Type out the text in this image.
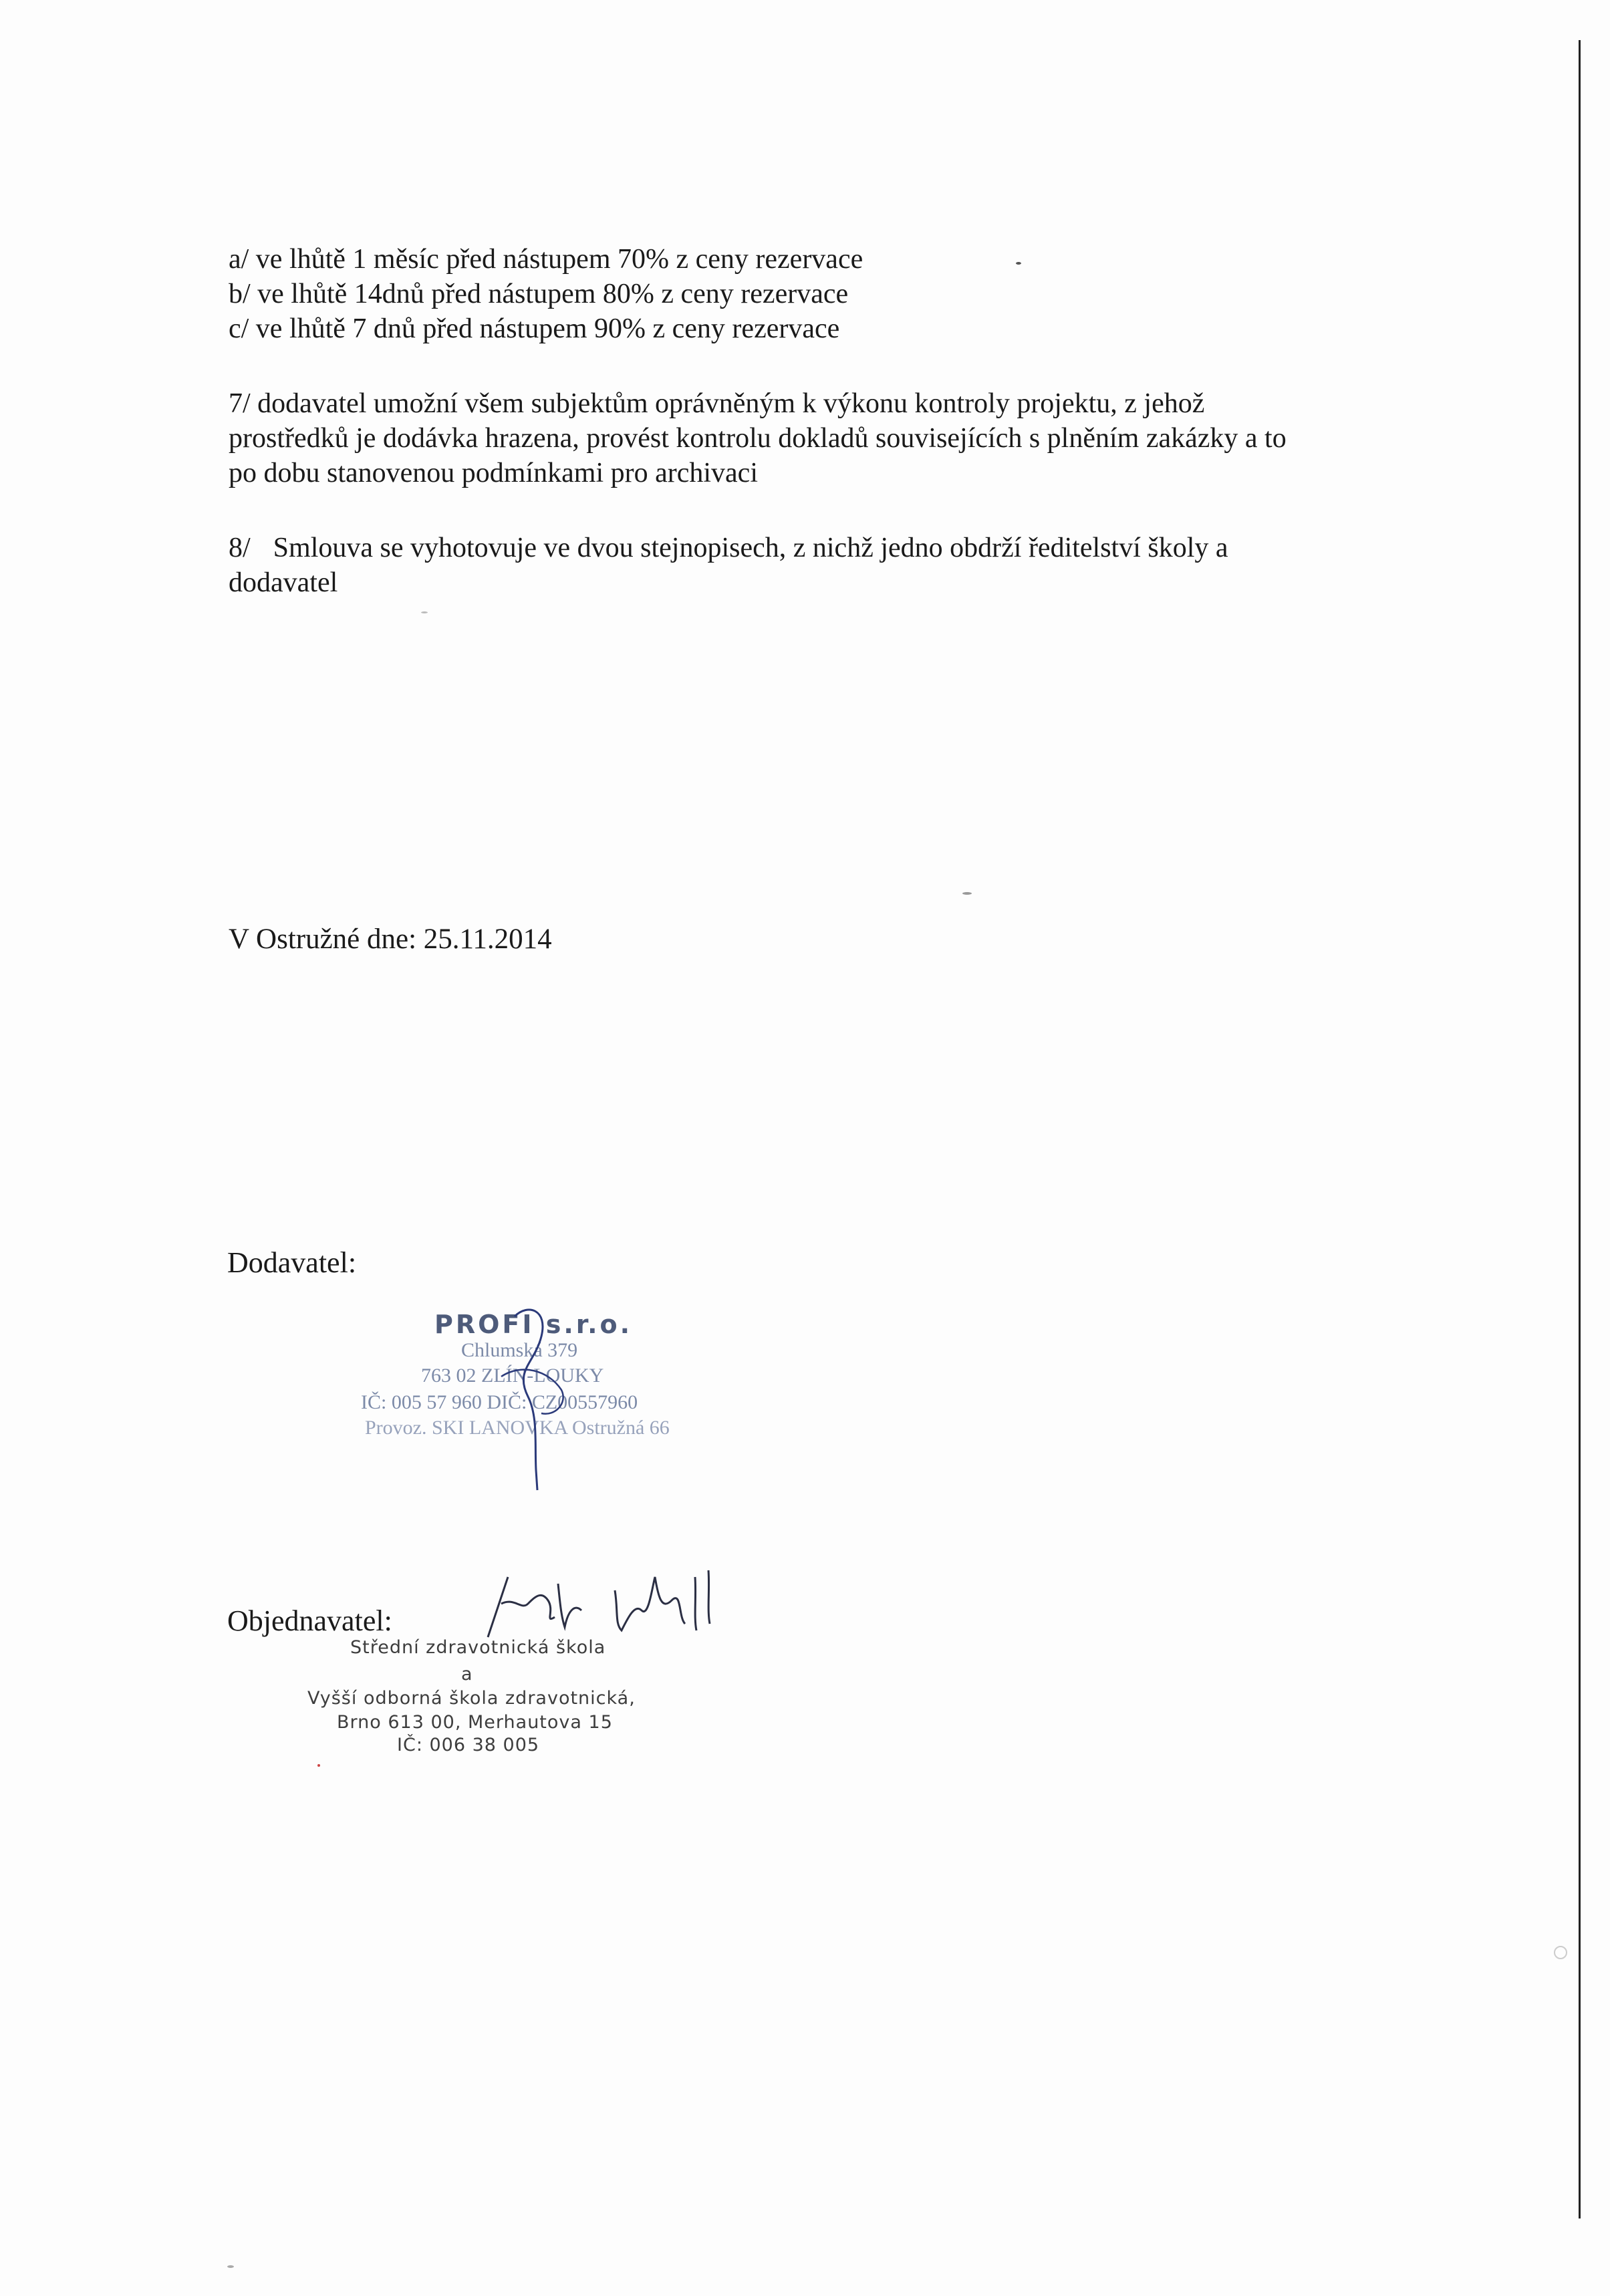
a/ ve lhůtě 1 měsíc před nástupem 70% z ceny rezervace
b/ ve lhůtě 14dnů před nástupem 80% z ceny rezervace
c/ ve lhůtě 7 dnů před nástupem 90% z ceny rezervace
7/ dodavatel umožní všem subjektům oprávněným k výkonu kontroly projektu, z jehož
prostředků je dodávka hrazena, provést kontrolu dokladů souvisejících s plněním zakázky a to
po dobu stanovenou podmínkami pro archivaci
8/ Smlouva se vyhotovuje ve dvou stejnopisech, z nichž jedno obdrží ředitelství školy a
dodavatel
V Ostružné dne: 25.11.2014
Dodavatel:
PROFI s.r.o.
Chlumská 379
763 02 ZLÍN-LOUKY
IČ: 005 57 960 DIČ: CZ00557960
Provoz. SKI LANOVKA Ostružná 66
Objednavatel:
Střední zdravotnická škola
a
Vyšší odborná škola zdravotnická,
Brno 613 00, Merhautova 15
IČ: 006 38 005
